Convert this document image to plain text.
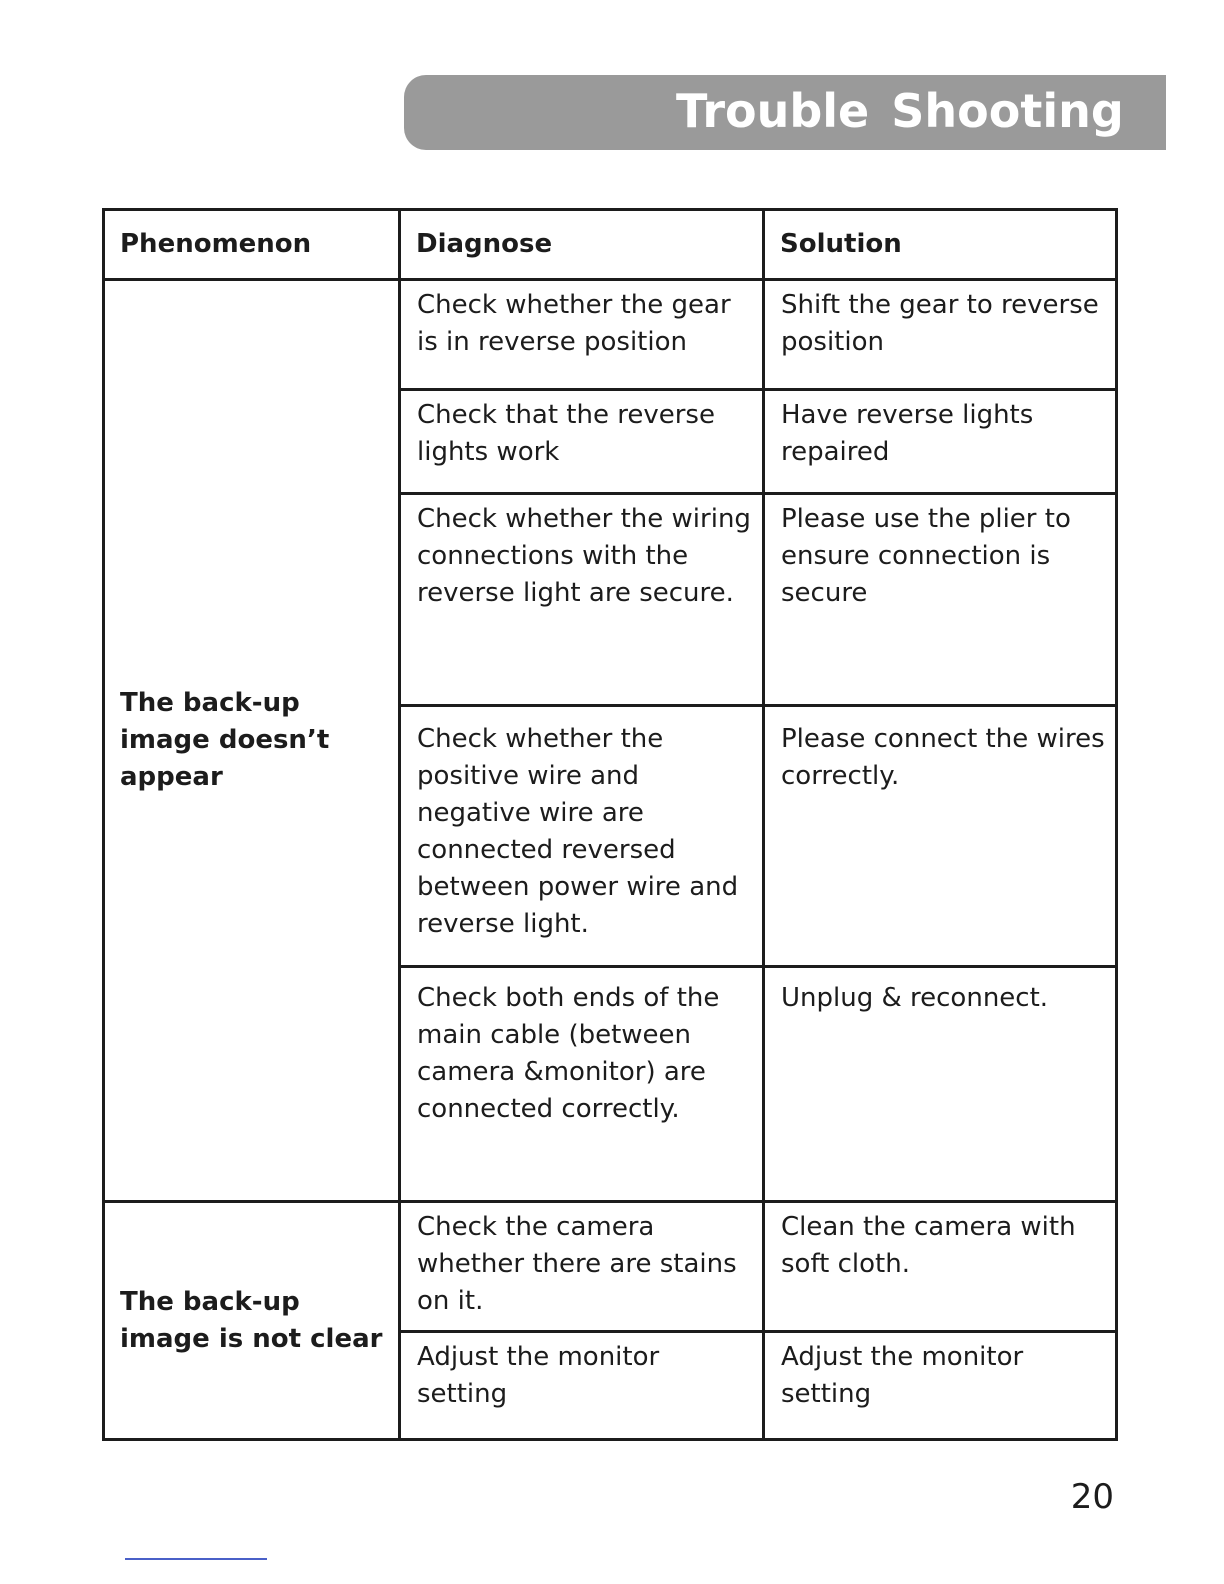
Trouble Shooting
Phenomenon	Diagnose	Solution
The back-up image doesn’t appear	Check whether the gear is in reverse position	Shift the gear to reverse position
	Check that the reverse lights work	Have reverse lights repaired
	Check whether the wiring connections with the reverse light are secure.	Please use the plier to ensure connection is secure
	Check whether the positive wire and negative wire are connected reversed between power wire and reverse light.	Please connect the wires correctly.
	Check both ends of the main cable (between camera &monitor) are connected correctly.	Unplug & reconnect.
The back-up image is not clear	Check the camera whether there are stains on it.	Clean the camera with soft cloth.
	Adjust the monitor setting	Adjust the monitor setting
20
